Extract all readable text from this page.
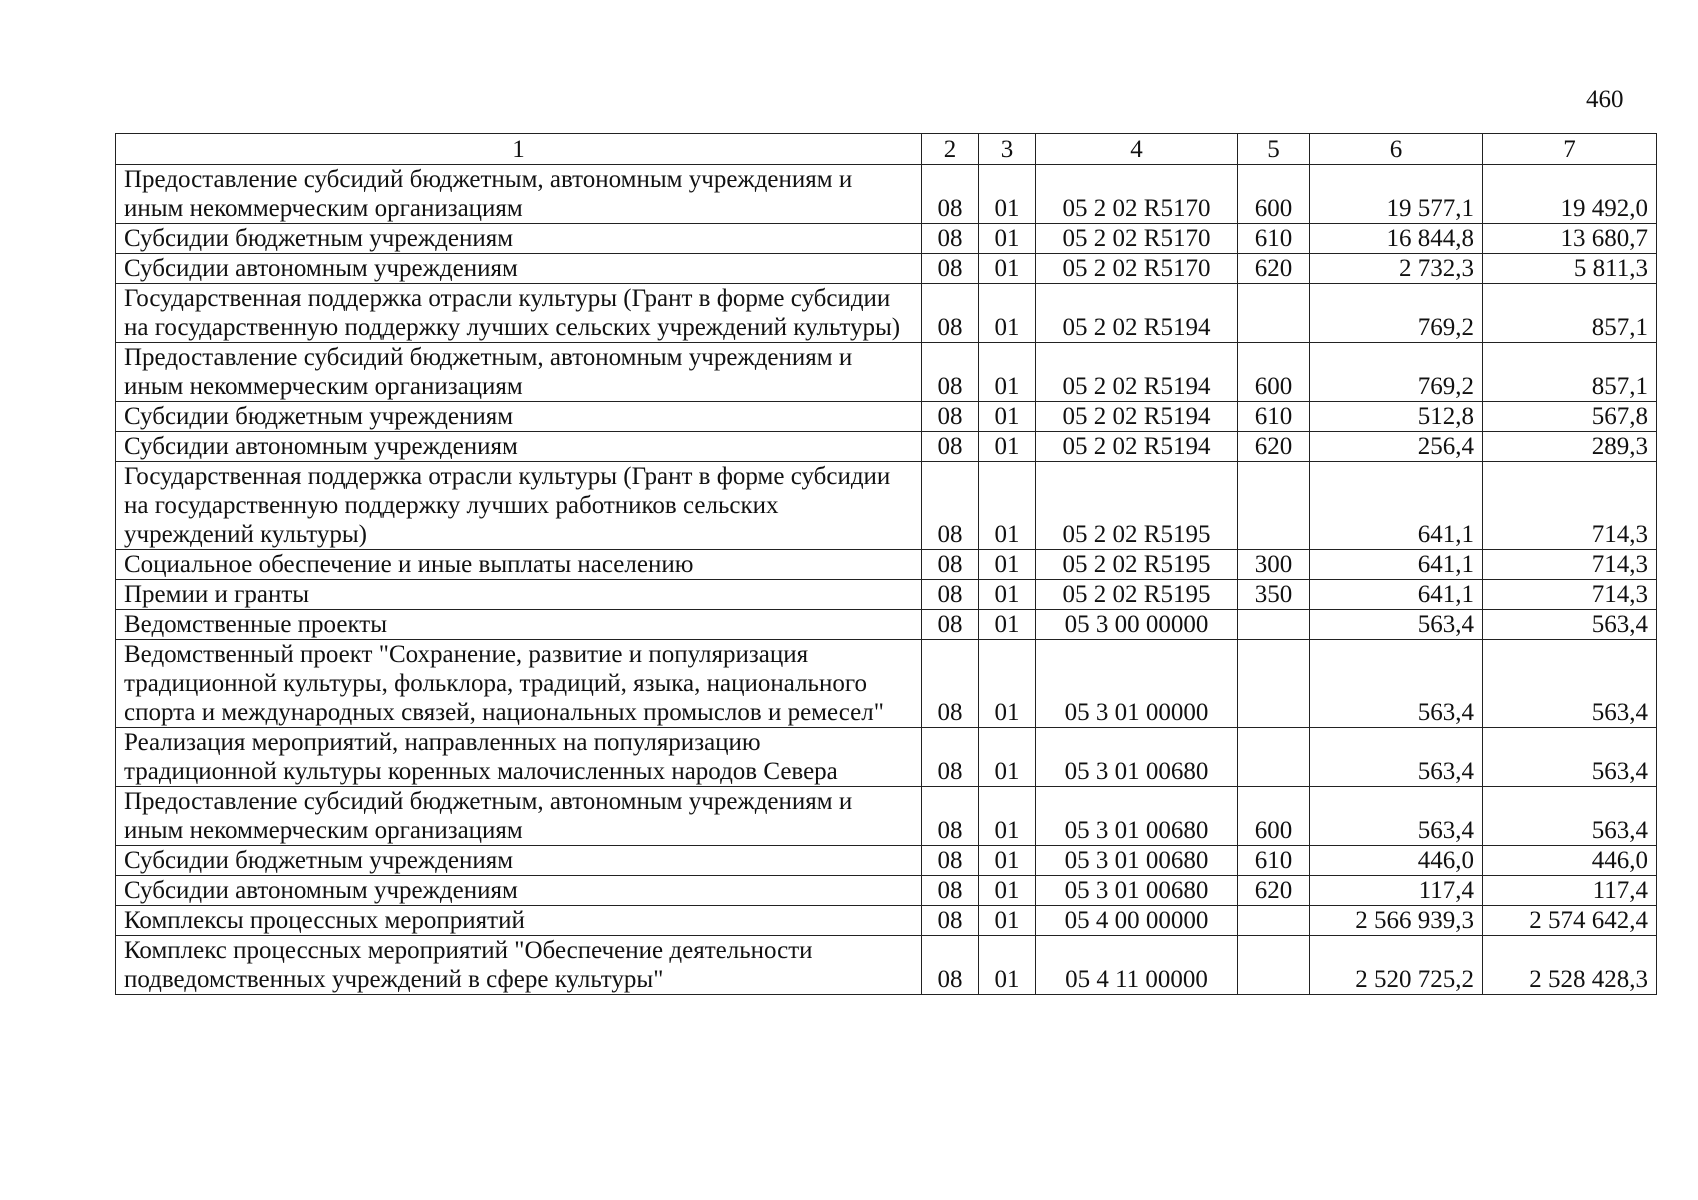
460
1	2	3	4	5	6	7
Предоставление субсидий бюджетным, автономным учреждениям и иным некоммерческим организациям	08	01	05 2 02 R5170	600	19 577,1	19 492,0
Субсидии бюджетным учреждениям	08	01	05 2 02 R5170	610	16 844,8	13 680,7
Субсидии автономным учреждениям	08	01	05 2 02 R5170	620	2 732,3	5 811,3
Государственная поддержка отрасли культуры (Грант в форме субсидии на государственную поддержку лучших сельских учреждений культуры)	08	01	05 2 02 R5194		769,2	857,1
Предоставление субсидий бюджетным, автономным учреждениям и иным некоммерческим организациям	08	01	05 2 02 R5194	600	769,2	857,1
Субсидии бюджетным учреждениям	08	01	05 2 02 R5194	610	512,8	567,8
Субсидии автономным учреждениям	08	01	05 2 02 R5194	620	256,4	289,3
Государственная поддержка отрасли культуры (Грант в форме субсидии на государственную поддержку лучших работников сельских учреждений культуры)	08	01	05 2 02 R5195		641,1	714,3
Социальное обеспечение и иные выплаты населению	08	01	05 2 02 R5195	300	641,1	714,3
Премии и гранты	08	01	05 2 02 R5195	350	641,1	714,3
Ведомственные проекты	08	01	05 3 00 00000		563,4	563,4
Ведомственный проект "Сохранение, развитие и популяризация традиционной культуры, фольклора, традиций, языка, национального спорта и международных связей, национальных промыслов и ремесел"	08	01	05 3 01 00000		563,4	563,4
Реализация мероприятий, направленных на популяризацию традиционной культуры коренных малочисленных народов Севера	08	01	05 3 01 00680		563,4	563,4
Предоставление субсидий бюджетным, автономным учреждениям и иным некоммерческим организациям	08	01	05 3 01 00680	600	563,4	563,4
Субсидии бюджетным учреждениям	08	01	05 3 01 00680	610	446,0	446,0
Субсидии автономным учреждениям	08	01	05 3 01 00680	620	117,4	117,4
Комплексы процессных мероприятий	08	01	05 4 00 00000		2 566 939,3	2 574 642,4
Комплекс процессных мероприятий "Обеспечение деятельности подведомственных учреждений в сфере культуры"	08	01	05 4 11 00000		2 520 725,2	2 528 428,3
